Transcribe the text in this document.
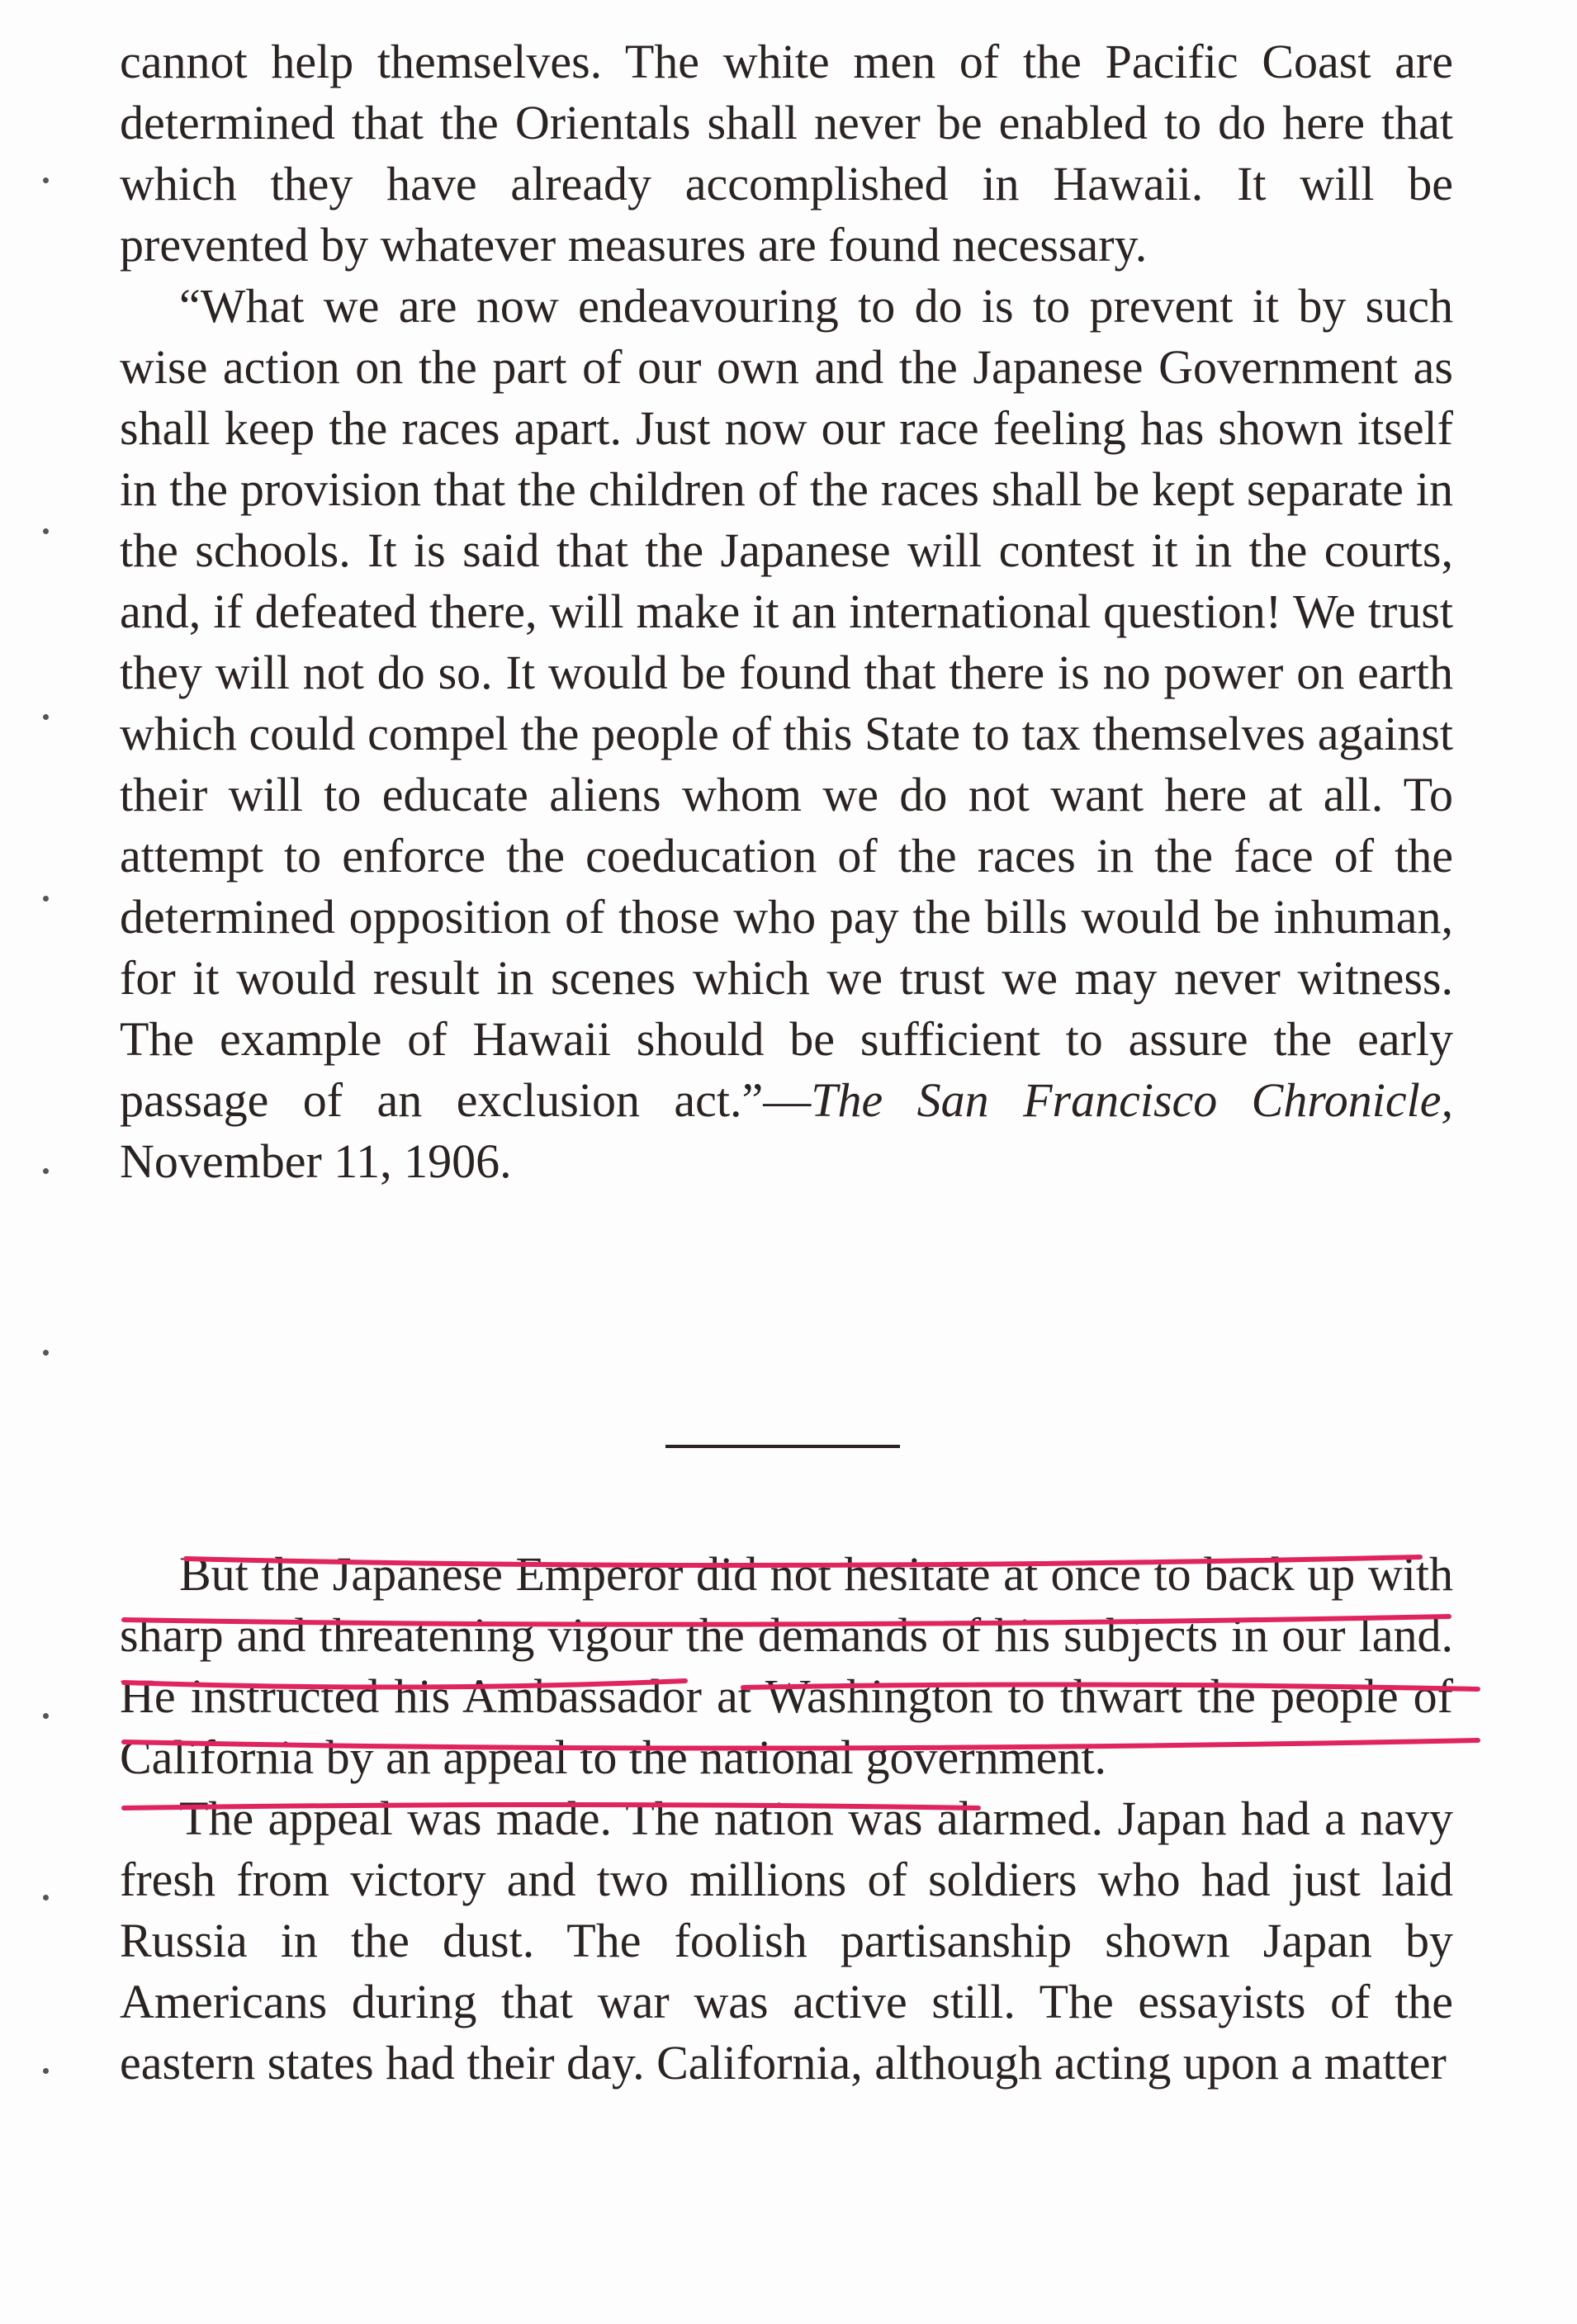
cannot help themselves. The white men of the Pacific Coast are determined that the Orientals shall never be enabled to do here that which they have already accomplished in Hawaii. It will be prevented by whatever measures are found necessary.

“What we are now endeavouring to do is to prevent it by such wise action on the part of our own and the Japanese Government as shall keep the races apart. Just now our race feeling has shown itself in the provision that the children of the races shall be kept separate in the schools. It is said that the Japanese will contest it in the courts, and, if defeated there, will make it an international question! We trust they will not do so. It would be found that there is no power on earth which could compel the people of this State to tax themselves against their will to educate aliens whom we do not want here at all. To attempt to enforce the coeducation of the races in the face of the determined opposition of those who pay the bills would be inhuman, for it would result in scenes which we trust we may never witness. The example of Hawaii should be sufficient to assure the early passage of an exclusion act.”—The San Francisco Chronicle, November 11, 1906.

But the Japanese Emperor did not hesitate at once to back up with sharp and threatening vigour the demands of his subjects in our land. He instructed his Ambassador at Washington to thwart the people of California by an appeal to the national government.

The appeal was made. The nation was alarmed. Japan had a navy fresh from victory and two millions of soldiers who had just laid Russia in the dust. The foolish partisanship shown Japan by Americans during that war was active still. The essayists of the eastern states had their day. California, although acting upon a matter
